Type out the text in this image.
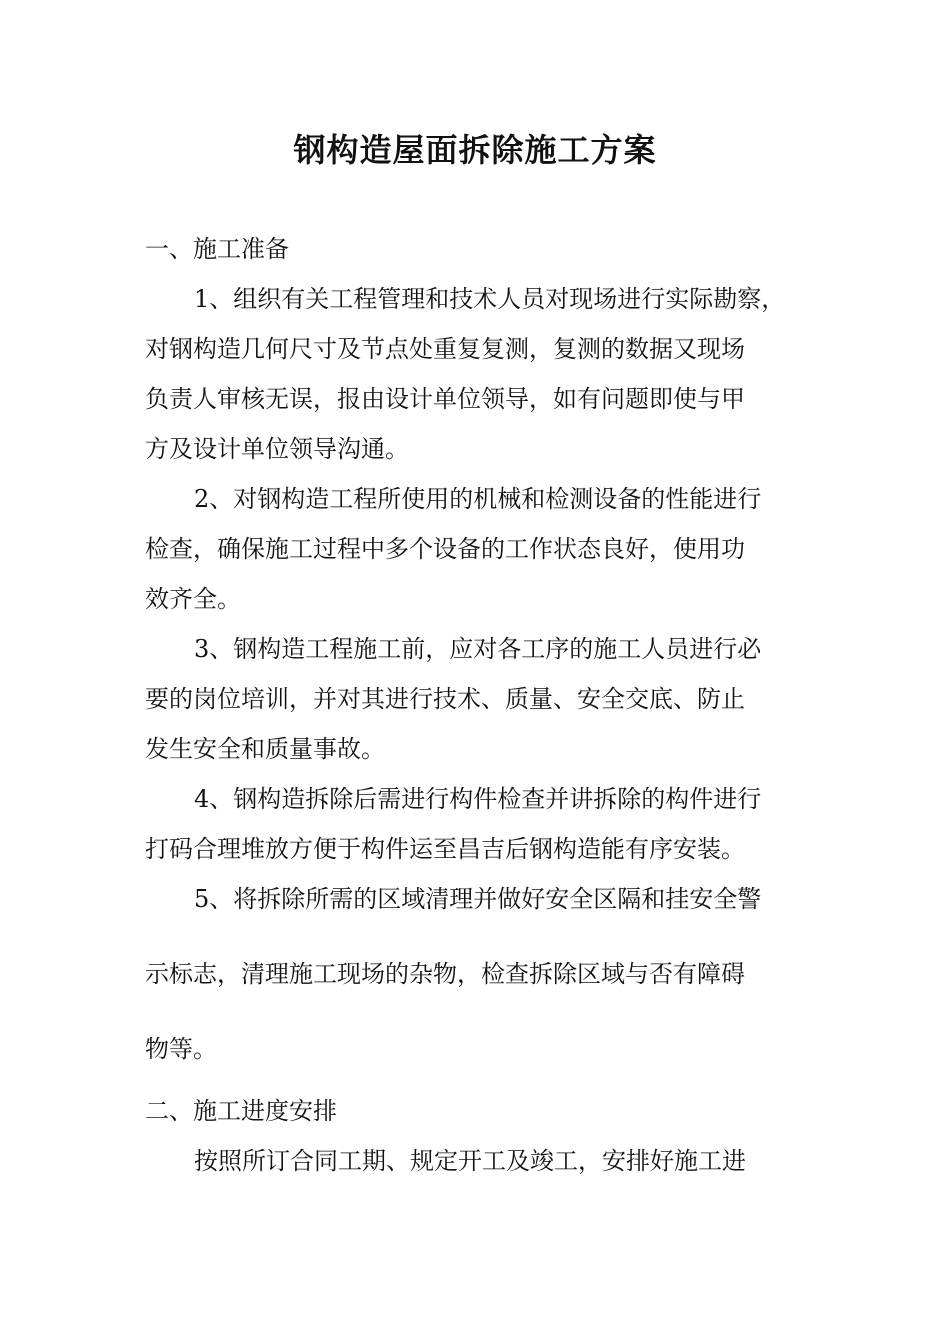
钢构造屋面拆除施工方案
一、施工准备
1、组织有关工程管理和技术人员对现场进行实际勘察，
对钢构造几何尺寸及节点处重复复测，复测的数据又现场
负责人审核无误，报由设计单位领导，如有问题即使与甲
方及设计单位领导沟通。
2、对钢构造工程所使用的机械和检测设备的性能进行
检查，确保施工过程中多个设备的工作状态良好，使用功
效齐全。
3、钢构造工程施工前，应对各工序的施工人员进行必
要的岗位培训，并对其进行技术、质量、安全交底、防止
发生安全和质量事故。
4、钢构造拆除后需进行构件检查并讲拆除的构件进行
打码合理堆放方便于构件运至昌吉后钢构造能有序安装。
5、将拆除所需的区域清理并做好安全区隔和挂安全警
示标志，清理施工现场的杂物，检查拆除区域与否有障碍
物等。
二、施工进度安排
按照所订合同工期、规定开工及竣工，安排好施工进
